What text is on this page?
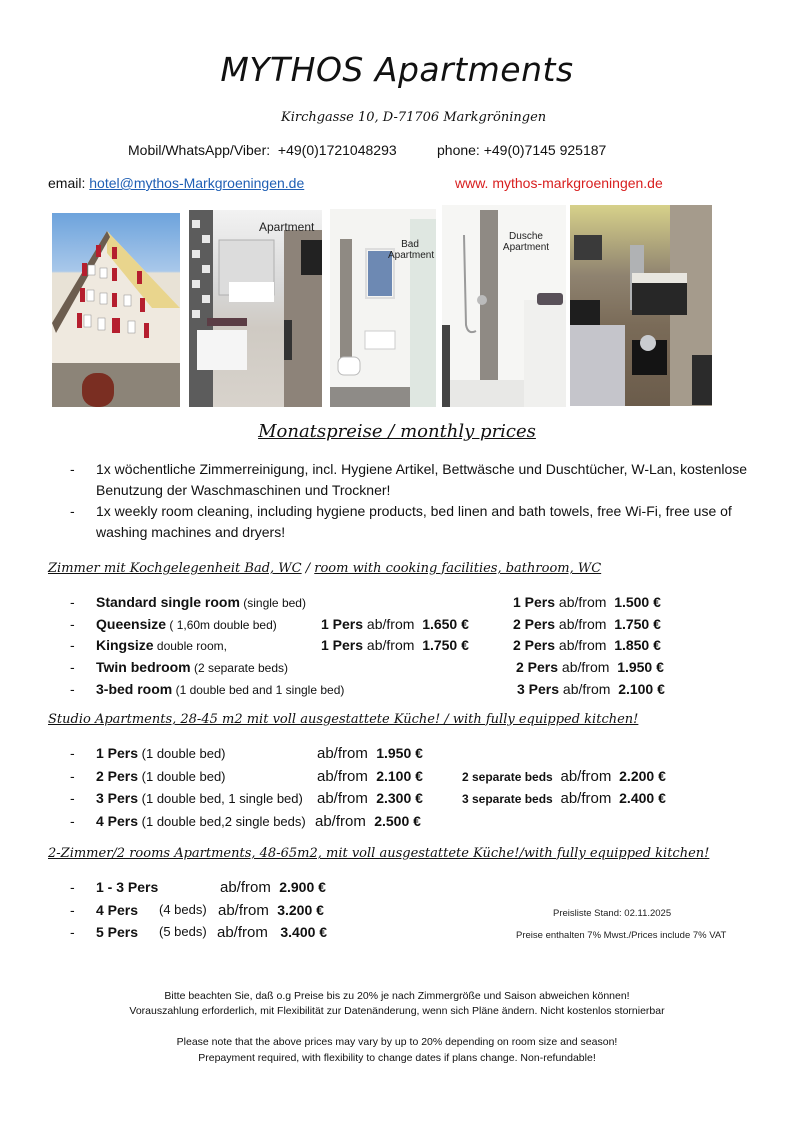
MYTHOS Apartments
Kirchgasse 10, D-71706 Markgröningen
Mobil/WhatsApp/Viber: +49(0)1721048293	phone: +49(0)7145 925187
email: hotel@mythos-Markgroeningen.de	www. mythos-markgroeningen.de
Apartment
Bad Apartment
Dusche Apartment
Monatspreise / monthly prices
-	1x wöchentliche Zimmerreinigung, incl. Hygiene Artikel, Bettwäsche und Duschtücher, W-Lan, kostenlose Benutzung der Waschmaschinen und Trockner!
-	1x weekly room cleaning, including hygiene products, bed linen and bath towels, free Wi-Fi, free use of washing machines and dryers!
Zimmer mit Kochgelegenheit Bad, WC / room with cooking facilities, bathroom, WC
- Standard single room (single bed)	1 Pers ab/from 1.500 €
- Queensize ( 1,60m double bed)	1 Pers ab/from 1.650 €	2 Pers ab/from 1.750 €
- Kingsize double room,	1 Pers ab/from 1.750 €	2 Pers ab/from 1.850 €
- Twin bedroom (2 separate beds)	2 Pers ab/from 1.950 €
- 3-bed room (1 double bed and 1 single bed)	3 Pers ab/from 2.100 €
Studio Apartments, 28-45 m2 mit voll ausgestattete Küche! / with fully equipped kitchen!
- 1 Pers (1 double bed)	ab/from 1.950 €
- 2 Pers (1 double bed)	ab/from 2.100 €	2 separate beds ab/from 2.200 €
- 3 Pers (1 double bed, 1 single bed) ab/from 2.300 €	3 separate beds ab/from 2.400 €
- 4 Pers (1 double bed,2 single beds) ab/from 2.500 €
2-Zimmer/2 rooms Apartments, 48-65m2, mit voll ausgestattete Küche!/with fully equipped kitchen!
- 1 - 3 Pers	ab/from 2.900 €
- 4 Pers (4 beds) ab/from 3.200 €
- 5 Pers (5 beds) ab/from 3.400 €
Preisliste Stand: 02.11.2025
Preise enthalten 7% Mwst./Prices include 7% VAT
Bitte beachten Sie, daß o.g Preise bis zu 20% je nach Zimmergröße und Saison abweichen können!
Vorauszahlung erforderlich, mit Flexibilität zur Datenänderung, wenn sich Pläne ändern. Nicht kostenlos stornierbar
Please note that the above prices may vary by up to 20% depending on room size and season!
Prepayment required, with flexibility to change dates if plans change. Non-refundable!
